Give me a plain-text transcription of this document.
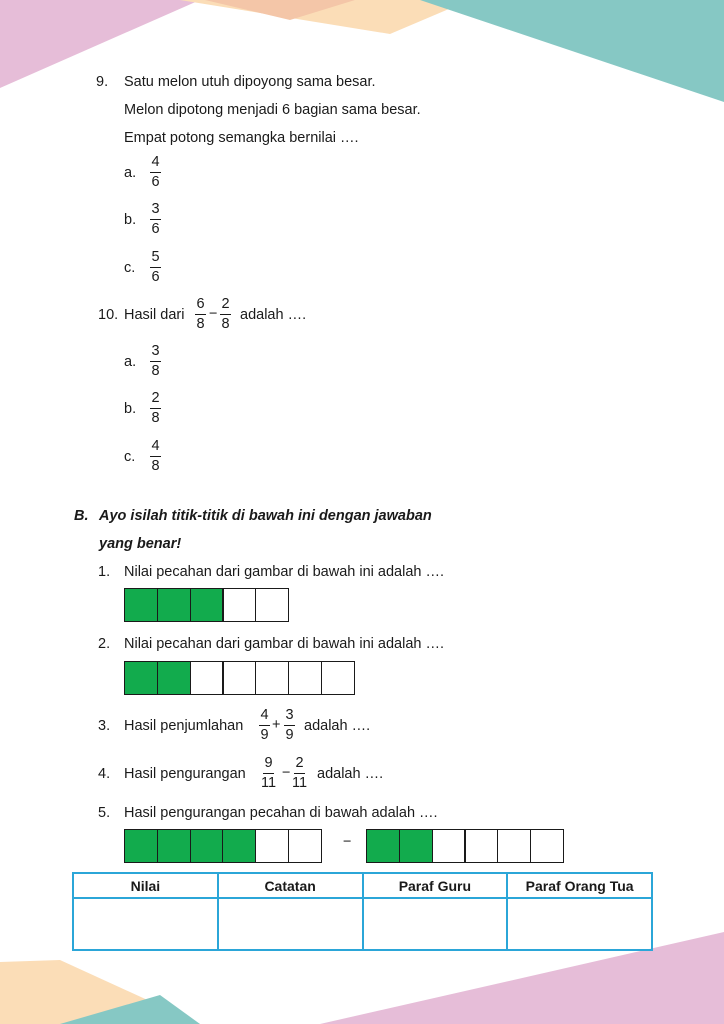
9. Satu melon utuh dipoyong sama besar.
Melon dipotong menjadi 6 bagian sama besar.
Empat potong semangka bernilai ….
a. $\frac{4}{6}$
b. $\frac{3}{6}$
c. $\frac{5}{6}$
10. Hasil dari $\frac{6}{8} - \frac{2}{8}$ adalah ….
a. $\frac{3}{8}$
b. $\frac{2}{8}$
c. $\frac{4}{8}$
B. Ayo isilah titik-titik di bawah ini dengan jawaban
yang benar!
1. Nilai pecahan dari gambar di bawah ini adalah ….
2. Nilai pecahan dari gambar di bawah ini adalah ….
3. Hasil penjumlahan $\frac{4}{9} + \frac{3}{9}$ adalah ….
4. Hasil pengurangan $\frac{9}{11} - \frac{2}{11}$ adalah ….
5. Hasil pengurangan pecahan di bawah adalah ….
−
Nilai	Catatan	Paraf Guru	Paraf Orang Tua
